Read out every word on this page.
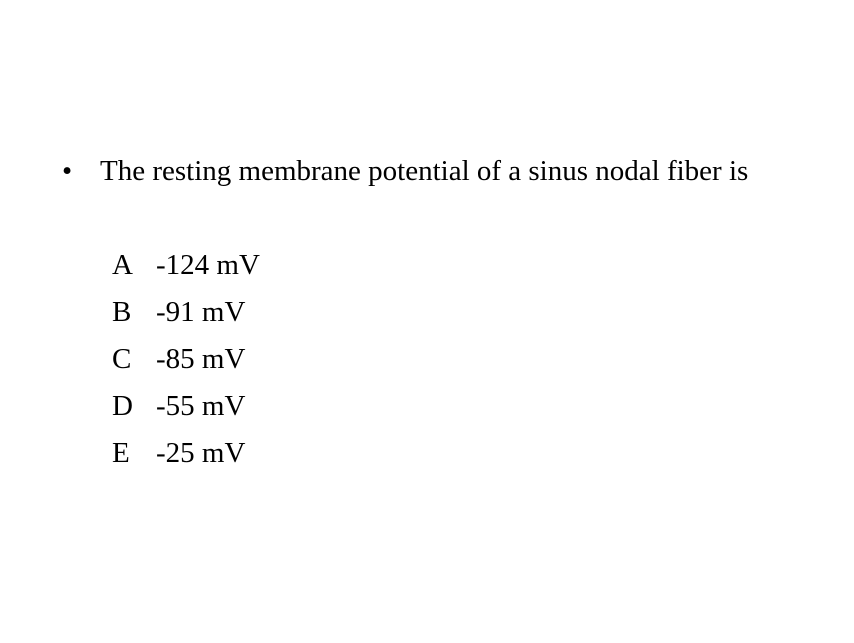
• The resting membrane potential of a sinus nodal fiber is
A -124 mV
B -91 mV
C -85 mV
D -55 mV
E -25 mV
